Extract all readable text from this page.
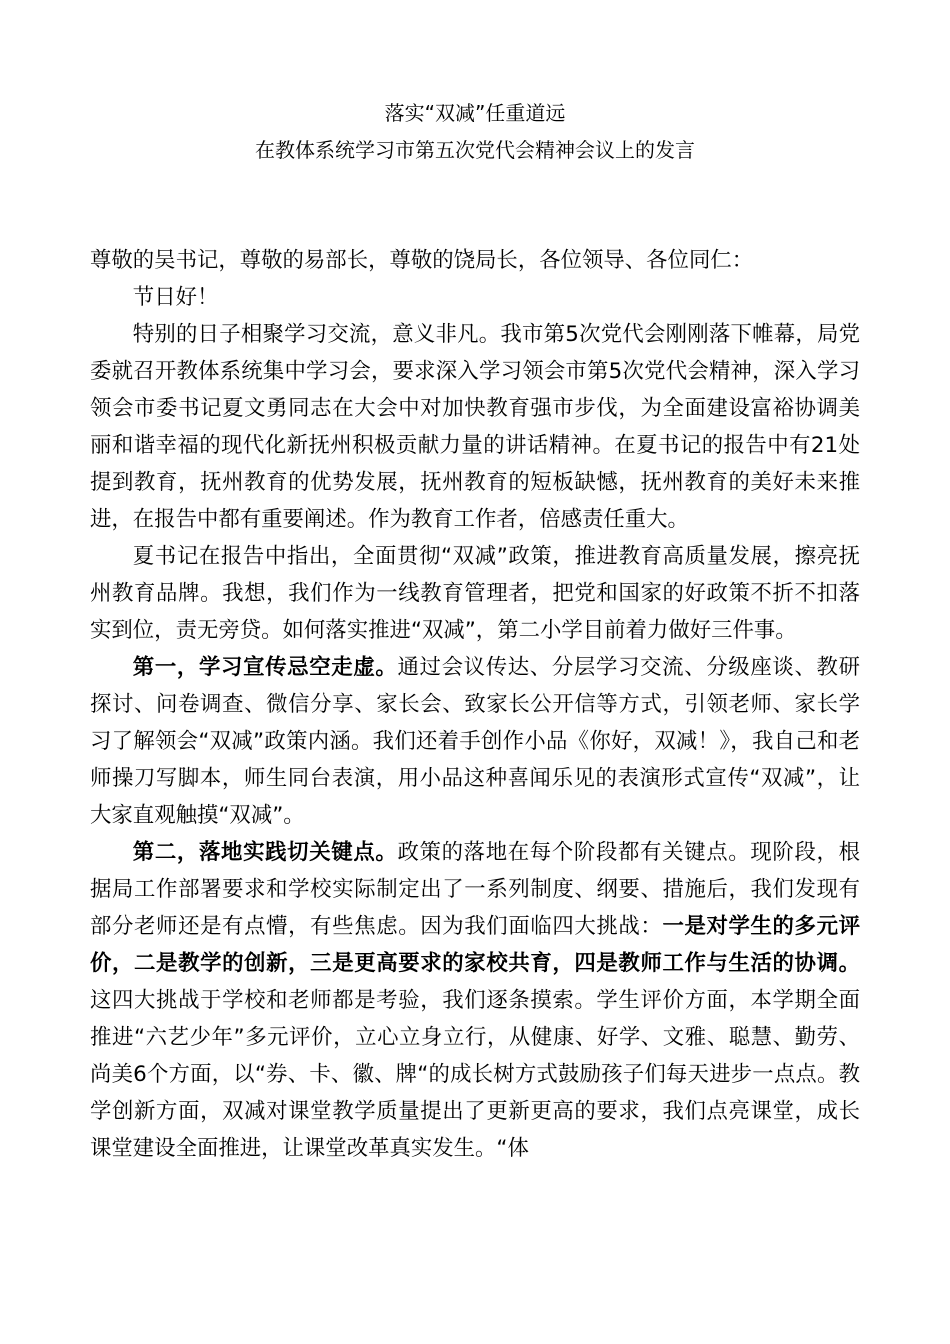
落实“双减”任重道远
在教体系统学习市第五次党代会精神会议上的发言

尊敬的吴书记，尊敬的易部长，尊敬的饶局长，各位领导、各位同仁：

节日好！

特别的日子相聚学习交流，意义非凡。我市第5次党代会刚刚落下帷幕，局党委就召开教体系统集中学习会，要求深入学习领会市第5次党代会精神，深入学习领会市委书记夏文勇同志在大会中对加快教育强市步伐，为全面建设富裕协调美丽和谐幸福的现代化新抚州积极贡献力量的讲话精神。在夏书记的报告中有21处提到教育，抚州教育的优势发展，抚州教育的短板缺憾，抚州教育的美好未来推进，在报告中都有重要阐述。作为教育工作者，倍感责任重大。

夏书记在报告中指出，全面贯彻“双减”政策，推进教育高质量发展，擦亮抚州教育品牌。我想，我们作为一线教育管理者，把党和国家的好政策不折不扣落实到位，责无旁贷。如何落实推进“双减”，第二小学目前着力做好三件事。

第一，学习宣传忌空走虚。通过会议传达、分层学习交流、分级座谈、教研探讨、问卷调查、微信分享、家长会、致家长公开信等方式，引领老师、家长学习了解领会“双减”政策内涵。我们还着手创作小品《你好，双减！》，我自己和老师操刀写脚本，师生同台表演，用小品这种喜闻乐见的表演形式宣传“双减”，让大家直观触摸“双减”。

第二，落地实践切关键点。政策的落地在每个阶段都有关键点。现阶段，根据局工作部署要求和学校实际制定出了一系列制度、纲要、措施后，我们发现有部分老师还是有点懵，有些焦虑。因为我们面临四大挑战：一是对学生的多元评价，二是教学的创新，三是更高要求的家校共育，四是教师工作与生活的协调。这四大挑战于学校和老师都是考验，我们逐条摸索。学生评价方面，本学期全面推进“六艺少年”多元评价，立心立身立行，从健康、好学、文雅、聪慧、勤劳、尚美6个方面，以“券、卡、徽、牌“的成长树方式鼓励孩子们每天进步一点点。教学创新方面，双减对课堂教学质量提出了更新更高的要求，我们点亮课堂，成长课堂建设全面推进，让课堂改革真实发生。“体
